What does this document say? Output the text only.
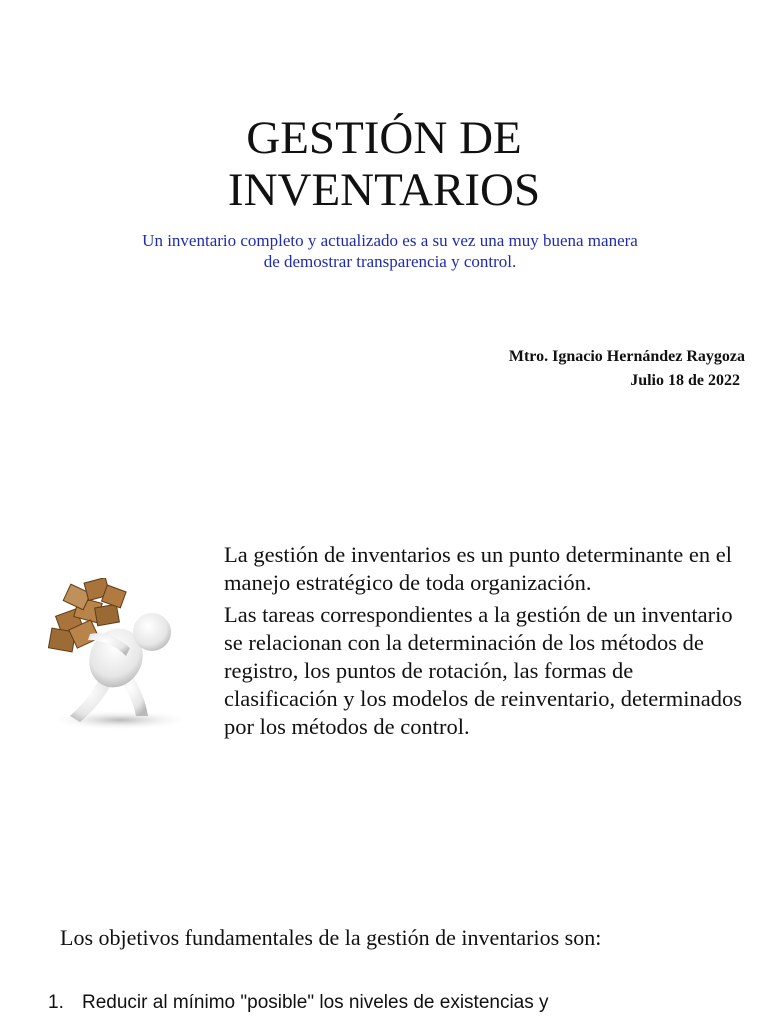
GESTIÓN DE
INVENTARIOS
Un inventario completo y actualizado es a su vez una muy buena manera
de demostrar transparencia y control.
Mtro. Ignacio Hernández Raygoza
Julio 18 de 2022

La gestión de inventarios es un punto determinante en el manejo estratégico de toda organización.

Las tareas correspondientes a la gestión de un inventario se relacionan con la determinación de los métodos de registro, los puntos de rotación, las formas de clasificación y los modelos de reinventario, determinados por los métodos de control.

Los objetivos fundamentales de la gestión de inventarios son:
1. Reducir al mínimo "posible" los niveles de existencias y
